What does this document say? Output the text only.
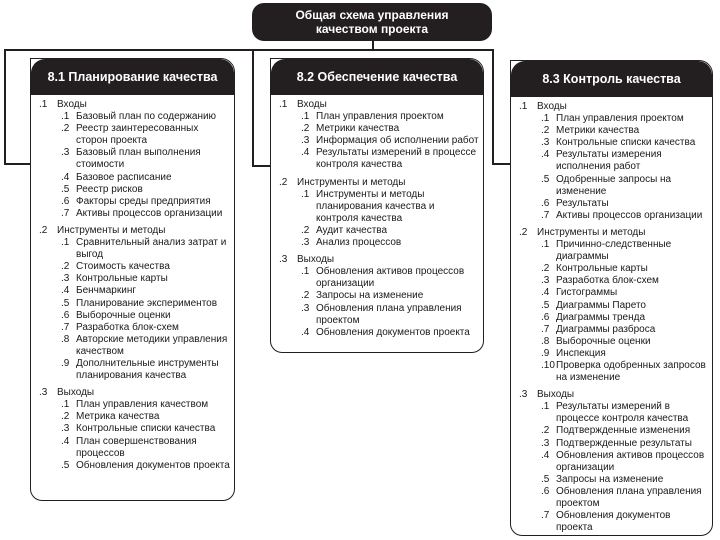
Общая схема управления
качеством проекта
8.1 Планирование качества
.1 Входы
.1 Базовый план по содержанию
.2 Реестр заинтересованных сторон проекта
.3 Базовый план выполнения стоимости
.4 Базовое расписание
.5 Реестр рисков
.6 Факторы среды предприятия
.7 Активы процессов организации
.2 Инструменты и методы
.1 Сравнительный анализ затрат и выгод
.2 Стоимость качества
.3 Контрольные карты
.4 Бенчмаркинг
.5 Планирование экспериментов
.6 Выборочные оценки
.7 Разработка блок-схем
.8 Авторские методики управления качеством
.9 Дополнительные инструменты планирования качества
.3 Выходы
.1 План управления качеством
.2 Метрика качества
.3 Контрольные списки качества
.4 План совершенствования процессов
.5 Обновления документов проекта
8.2 Обеспечение качества
.1 Входы
.1 План управления проектом
.2 Метрики качества
.3 Информация об исполнении работ
.4 Результаты измерений в процессе контроля качества
.2 Инструменты и методы
.1 Инструменты и методы планирования качества и контроля качества
.2 Аудит качества
.3 Анализ процессов
.3 Выходы
.1 Обновления активов процессов организации
.2 Запросы на изменение
.3 Обновления плана управления проектом
.4 Обновления документов проекта
8.3 Контроль качества
.1 Входы
.1 План управления проектом
.2 Метрики качества
.3 Контрольные списки качества
.4 Результаты измерения исполнения работ
.5 Одобренные запросы на изменение
.6 Результаты
.7 Активы процессов организации
.2 Инструменты и методы
.1 Причинно-следственные диаграммы
.2 Контрольные карты
.3 Разработка блок-схем
.4 Гистограммы
.5 Диаграммы Парето
.6 Диаграммы тренда
.7 Диаграммы разброса
.8 Выборочные оценки
.9 Инспекция
.10 Проверка одобренных запросов на изменение
.3 Выходы
.1 Результаты измерений в процессе контроля качества
.2 Подтвержденные изменения
.3 Подтвержденные результаты
.4 Обновления активов процессов организации
.5 Запросы на изменение
.6 Обновления плана управления проектом
.7 Обновления документов проекта
